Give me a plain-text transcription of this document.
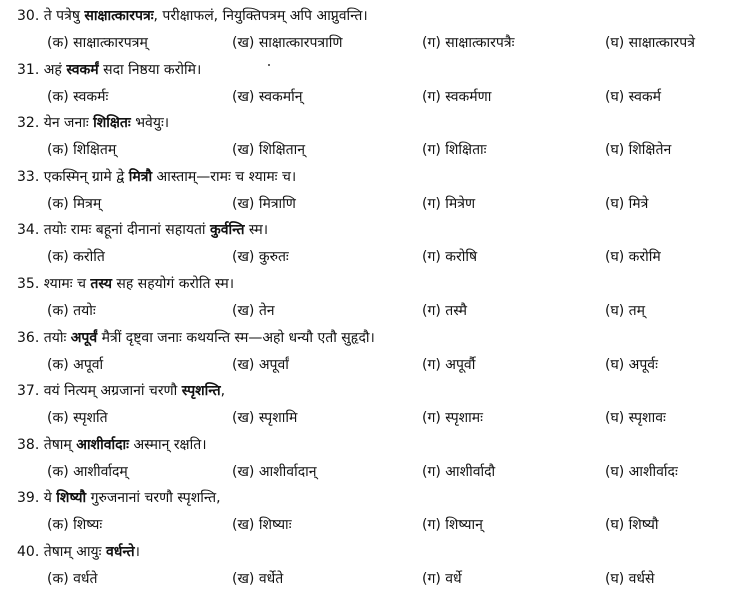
30. ते पत्रेषु साक्षात्कारपत्रः, परीक्षाफलं, नियुक्तिपत्रम् अपि आप्नुवन्ति।
(क) साक्षात्कारपत्रम्	(ख) साक्षात्कारपत्राणि	(ग) साक्षात्कारपत्रैः	(घ) साक्षात्कारपत्रे
31. अहं स्वकर्मं सदा निष्ठया करोमि।
(क) स्वकर्मः	(ख) स्वकर्मान्	(ग) स्वकर्मणा	(घ) स्वकर्म
32. येन जनाः शिक्षितः भवेयुः।
(क) शिक्षितम्	(ख) शिक्षितान्	(ग) शिक्षिताः	(घ) शिक्षितेन
33. एकस्मिन् ग्रामे द्वे मित्रौ आस्ताम्—रामः च श्यामः च।
(क) मित्रम्	(ख) मित्राणि	(ग) मित्रेण	(घ) मित्रे
34. तयोः रामः बहूनां दीनानां सहायतां कुर्वन्ति स्म।
(क) करोति	(ख) कुरुतः	(ग) करोषि	(घ) करोमि
35. श्यामः च तस्य सह सहयोगं करोति स्म।
(क) तयोः	(ख) तेन	(ग) तस्मै	(घ) तम्
36. तयोः अपूर्वं मैत्रीं दृष्ट्वा जनाः कथयन्ति स्म—अहो धन्यौ एतौ सुहृदौ।
(क) अपूर्वा	(ख) अपूर्वां	(ग) अपूर्वौ	(घ) अपूर्वः
37. वयं नित्यम् अग्रजानां चरणौ स्पृशन्ति,
(क) स्पृशति	(ख) स्पृशामि	(ग) स्पृशामः	(घ) स्पृशावः
38. तेषाम् आशीर्वादाः अस्मान् रक्षति।
(क) आशीर्वादम्	(ख) आशीर्वादान्	(ग) आशीर्वादौ	(घ) आशीर्वादः
39. ये शिष्यौ गुरुजनानां चरणौ स्पृशन्ति,
(क) शिष्यः	(ख) शिष्याः	(ग) शिष्यान्	(घ) शिष्यौ
40. तेषाम् आयुः वर्धन्ते।
(क) वर्धते	(ख) वर्धेते	(ग) वर्धे	(घ) वर्धसे
